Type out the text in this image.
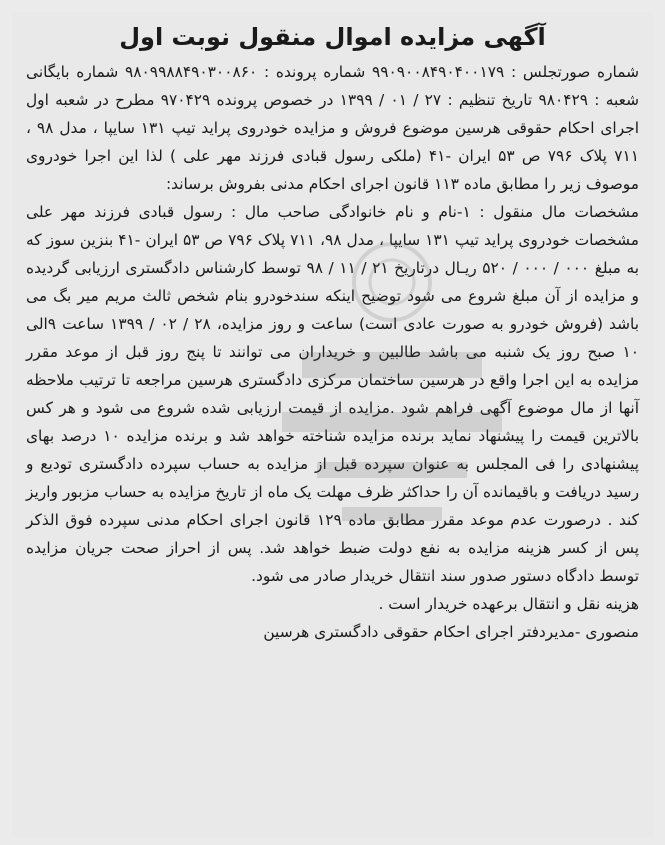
آگهی مزایده اموال منقول نوبت اول

شماره صورتجلس : ۹۹۰۹۰۰۸۴۹۰۴۰۰۱۷۹ شماره پرونده : ۹۸۰۹۹۸۸۴۹۰۳۰۰۸۶۰ شماره بایگانی شعبه : ۹۸۰۴۲۹ تاریخ تنظیم : ۲۷ / ۰۱ / ۱۳۹۹ در خصوص پرونده ۹۷۰۴۲۹ مطرح در شعبه اول اجرای احکام حقوقی هرسین موضوع فروش و مزایده خودروی پراید تیپ ۱۳۱ سایپا ، مدل ۹۸ ، ۷۱۱ پلاک ۷۹۶ ص ۵۳ ایران -۴۱ (ملکی رسول قبادی فرزند مهر علی ) لذا این اجرا خودروی موصوف زیر را مطابق ماده ۱۱۳ قانون اجرای احکام مدنی بفروش برساند:

مشخصات مال منقول : ۱-نام و نام خانوادگی صاحب مال : رسول قبادی فرزند مهر علی مشخصات خودروی پراید تیپ ۱۳۱ سایپا ، مدل ۹۸، ۷۱۱ پلاک ۷۹۶ ص ۵۳ ایران -۴۱ بنزین سوز که به مبلغ ۰۰۰ / ۰۰۰ / ۵۲۰ ریـال درتاریخ ۲۱ / ۱۱ / ۹۸ توسط کارشناس دادگستری ارزیابی گردیده و مزایده از آن مبلغ شروع می شود توضیح اینکه سندخودرو بنام شخص ثالث مریم میر بگ می باشد (فروش خودرو به صورت عادی است) ساعت و روز مزایده، ۲۸ / ۰۲ / ۱۳۹۹ ساعت ۹الی ۱۰ صبح روز یک شنبه می باشد طالبین و خریداران می توانند تا پنج روز قبل از موعد مقرر مزایده به این اجرا واقع در هرسین ساختمان مرکزی دادگستری هرسین مراجعه تا ترتیب ملاحظه آنها از مال موضوع آگهی فراهم شود .مزایده از قیمت ارزیابی شده شروع می شود و هر کس بالاترین قیمت را پیشنهاد نماید برنده مزایده شناخته خواهد شد و برنده مزایده ۱۰ درصد بهای پیشنهادی را فی المجلس به عنوان سپرده قبل از مزایده به حساب سپرده دادگستری تودیع و رسید دریافت و باقیمانده آن را حداکثر ظرف مهلت یک ماه از تاریخ مزایده به حساب مزبور واریز کند . درصورت عدم موعد مقرر مطابق ماده ۱۲۹ قانون اجرای احکام مدنی سپرده فوق الذکر پس از کسر هزینه مزایده به نفع دولت ضبط خواهد شد. پس از احراز صحت جریان مزایده توسط دادگاه دستور صدور سند انتقال خریدار صادر می شود.

هزینه نقل و انتقال برعهده خریدار است .

منصوری -مدیردفتر اجرای احکام حقوقی دادگستری هرسین
